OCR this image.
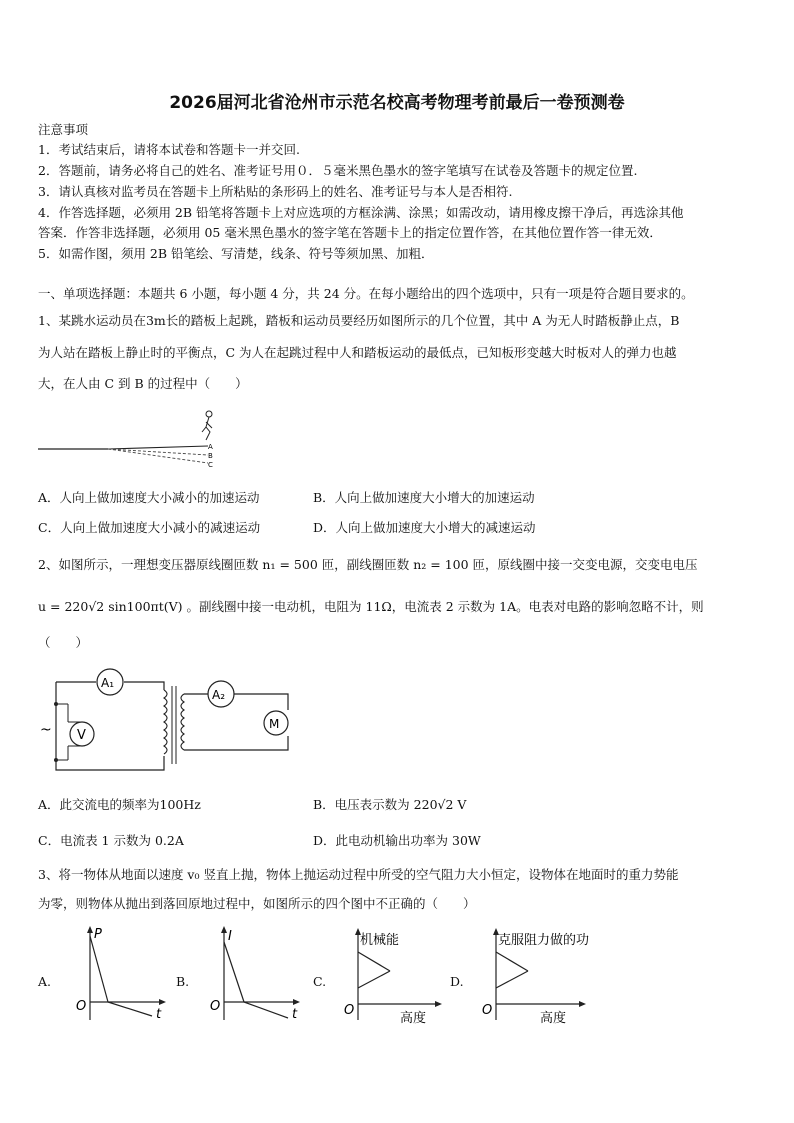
2026届河北省沧州市示范名校高考物理考前最后一卷预测卷
注意事项
1．考试结束后，请将本试卷和答题卡一并交回.
2．答题前，请务必将自己的姓名、准考证号用０．５毫米黑色墨水的签字笔填写在试卷及答题卡的规定位置.
3．请认真核对监考员在答题卡上所粘贴的条形码上的姓名、准考证号与本人是否相符.
4．作答选择题，必须用 2B 铅笔将答题卡上对应选项的方框涂满、涂黑；如需改动，请用橡皮擦干净后，再选涂其他
答案．作答非选择题，必须用 05 毫米黑色墨水的签字笔在答题卡上的指定位置作答，在其他位置作答一律无效．
5．如需作图，须用 2B 铅笔绘、写清楚，线条、符号等须加黑、加粗．
一、单项选择题：本题共 6 小题，每小题 4 分，共 24 分。在每小题给出的四个选项中，只有一项是符合题目要求的。
1、某跳水运动员在3m长的踏板上起跳，踏板和运动员要经历如图所示的几个位置，其中 A 为无人时踏板静止点，B
为人站在踏板上静止时的平衡点，C 为人在起跳过程中人和踏板运动的最低点，已知板形变越大时板对人的弹力也越
大，在人由 C 到 B 的过程中（　　）
A
B
C
A．人向上做加速度大小减小的加速运动	B．人向上做加速度大小增大的加速运动
C．人向上做加速度大小减小的减速运动	D．人向上做加速度大小增大的减速运动
2、如图所示，一理想变压器原线圈匝数 n₁ = 500 匝，副线圈匝数 n₂ = 100 匝，原线圈中接一交变电源，交变电电压
u = 220√2 sin100πt(V) 。副线圈中接一电动机，电阻为 11Ω，电流表 2 示数为 1A。电表对电路的影响忽略不计，则
（　　）
~ V
A₁
A₂
M
A．此交流电的频率为100Hz	B．电压表示数为 220√2 V
C．电流表 1 示数为 0.2A	D．此电动机输出功率为 30W
3、将一物体从地面以速度 v₀ 竖直上抛，物体上抛运动过程中所受的空气阻力大小恒定，设物体在地面时的重力势能
为零，则物体从抛出到落回原地过程中，如图所示的四个图中不正确的（　　）
A.
P
t
O
B.
I
t
O
C.
机械能
高度
O
D.
克服阻力做的功
高度
O
